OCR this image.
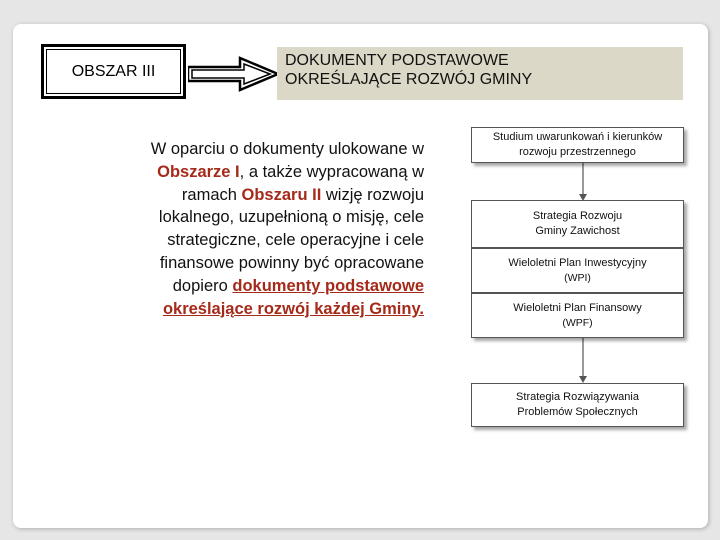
OBSZAR III
DOKUMENTY PODSTAWOWE
OKREŚLAJĄCE ROZWÓJ GMINY
W oparciu o dokumenty ulokowane w Obszarze I, a także wypracowaną w ramach Obszaru II wizję rozwoju lokalnego, uzupełnioną o misję, cele strategiczne, cele operacyjne i cele finansowe powinny być opracowane dopiero dokumenty podstawowe określające rozwój każdej Gminy.
Studium uwarunkowań i kierunków
rozwoju przestrzennego
Strategia Rozwoju
Gminy Zawichost
Wieloletni Plan Inwestycyjny
(WPI)
Wieloletni Plan Finansowy
(WPF)
Strategia Rozwiązywania
Problemów Społecznych
